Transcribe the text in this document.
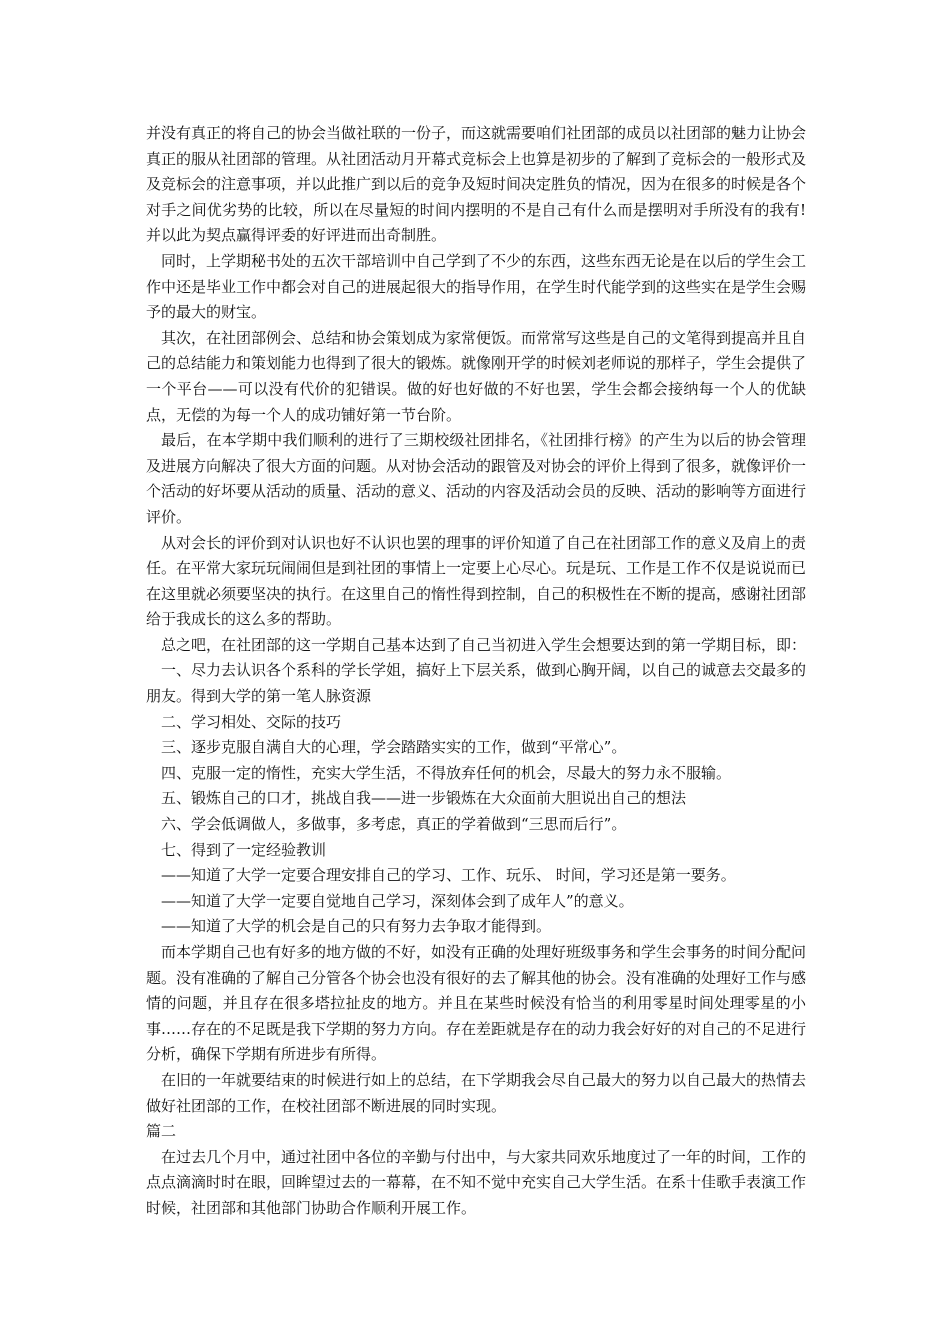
并没有真正的将自己的协会当做社联的一份子，而这就需要咱们社团部的成员以社团部的魅力让协会真正的服从社团部的管理。从社团活动月开幕式竞标会上也算是初步的了解到了竞标会的一般形式及及竞标会的注意事项，并以此推广到以后的竞争及短时间决定胜负的情况，因为在很多的时候是各个对手之间优劣势的比较，所以在尽量短的时间内摆明的不是自己有什么而是摆明对手所没有的我有!并以此为契点赢得评委的好评进而出奇制胜。

同时，上学期秘书处的五次干部培训中自己学到了不少的东西，这些东西无论是在以后的学生会工作中还是毕业工作中都会对自己的进展起很大的指导作用，在学生时代能学到的这些实在是学生会赐予的最大的财宝。

其次，在社团部例会、总结和协会策划成为家常便饭。而常常写这些是自己的文笔得到提高并且自己的总结能力和策划能力也得到了很大的锻炼。就像刚开学的时候刘老师说的那样子，学生会提供了一个平台——可以没有代价的犯错误。做的好也好做的不好也罢，学生会都会接纳每一个人的优缺点，无偿的为每一个人的成功铺好第一节台阶。

最后，在本学期中我们顺利的进行了三期校级社团排名，《社团排行榜》的产生为以后的协会管理及进展方向解决了很大方面的问题。从对协会活动的跟管及对协会的评价上得到了很多，就像评价一个活动的好坏要从活动的质量、活动的意义、活动的内容及活动会员的反映、活动的影响等方面进行评价。

从对会长的评价到对认识也好不认识也罢的理事的评价知道了自己在社团部工作的意义及肩上的责任。在平常大家玩玩闹闹但是到社团的事情上一定要上心尽心。玩是玩、工作是工作不仅是说说而已在这里就必须要坚决的执行。在这里自己的惰性得到控制，自己的积极性在不断的提高，感谢社团部给于我成长的这么多的帮助。

总之吧，在社团部的这一学期自己基本达到了自己当初进入学生会想要达到的第一学期目标，即：

一、尽力去认识各个系科的学长学姐，搞好上下层关系，做到心胸开阔，以自己的诚意去交最多的朋友。得到大学的第一笔人脉资源

二、学习相处、交际的技巧

三、逐步克服自满自大的心理，学会踏踏实实的工作，做到“平常心”。

四、克服一定的惰性，充实大学生活，不得放弃任何的机会，尽最大的努力永不服输。

五、锻炼自己的口才，挑战自我——进一步锻炼在大众面前大胆说出自己的想法

六、学会低调做人，多做事，多考虑，真正的学着做到“三思而后行”。

七、得到了一定经验教训

——知道了大学一定要合理安排自己的学习、工作、玩乐、 时间，学习还是第一要务。

——知道了大学一定要自觉地自己学习，深刻体会到了成年人”的意义。

——知道了大学的机会是自己的只有努力去争取才能得到。

而本学期自己也有好多的地方做的不好，如没有正确的处理好班级事务和学生会事务的时间分配问题。没有准确的了解自己分管各个协会也没有很好的去了解其他的协会。没有准确的处理好工作与感情的问题，并且存在很多塔拉扯皮的地方。并且在某些时候没有恰当的利用零星时间处理零星的小事……存在的不足既是我下学期的努力方向。存在差距就是存在的动力我会好好的对自己的不足进行分析，确保下学期有所进步有所得。

在旧的一年就要结束的时候进行如上的总结，在下学期我会尽自己最大的努力以自己最大的热情去做好社团部的工作，在校社团部不断进展的同时实现。

篇二

在过去几个月中，通过社团中各位的辛勤与付出中，与大家共同欢乐地度过了一年的时间，工作的点点滴滴时时在眼，回眸望过去的一幕幕，在不知不觉中充实自己大学生活。在系十佳歌手表演工作时候，社团部和其他部门协助合作顺利开展工作。
